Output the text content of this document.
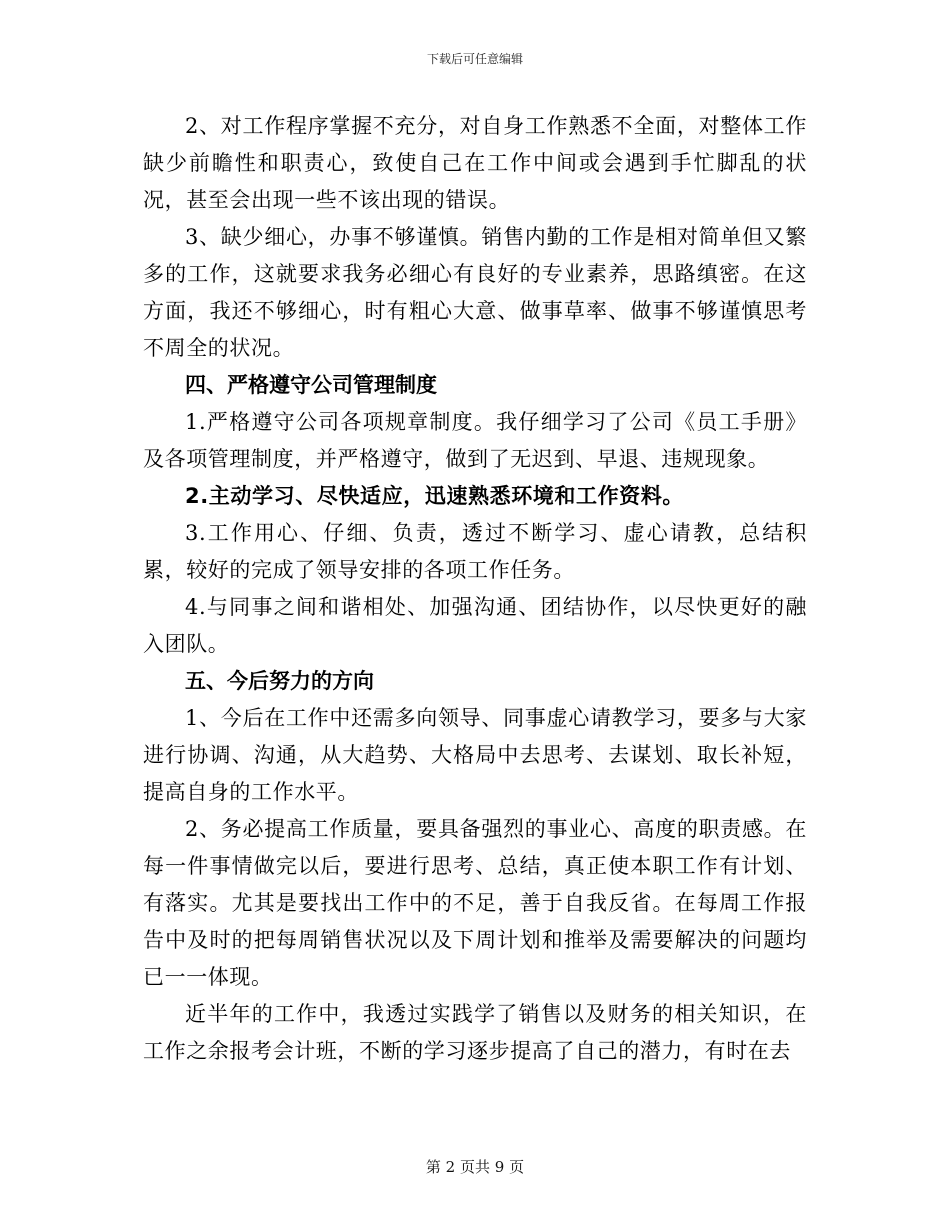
下载后可任意编辑

2、对工作程序掌握不充分，对自身工作熟悉不全面，对整体工作缺少前瞻性和职责心，致使自己在工作中间或会遇到手忙脚乱的状况，甚至会出现一些不该出现的错误。

3、缺少细心，办事不够谨慎。销售内勤的工作是相对简单但又繁多的工作，这就要求我务必细心有良好的专业素养，思路缜密。在这方面，我还不够细心，时有粗心大意、做事草率、做事不够谨慎思考不周全的状况。

四、严格遵守公司管理制度

1.严格遵守公司各项规章制度。我仔细学习了公司《员工手册》及各项管理制度，并严格遵守，做到了无迟到、早退、违规现象。

2.主动学习、尽快适应，迅速熟悉环境和工作资料。

3.工作用心、仔细、负责，透过不断学习、虚心请教，总结积累，较好的完成了领导安排的各项工作任务。

4.与同事之间和谐相处、加强沟通、团结协作，以尽快更好的融入团队。

五、今后努力的方向

1、今后在工作中还需多向领导、同事虚心请教学习，要多与大家进行协调、沟通，从大趋势、大格局中去思考、去谋划、取长补短，提高自身的工作水平。

2、务必提高工作质量，要具备强烈的事业心、高度的职责感。在每一件事情做完以后，要进行思考、总结，真正使本职工作有计划、有落实。尤其是要找出工作中的不足，善于自我反省。在每周工作报告中及时的把每周销售状况以及下周计划和推举及需要解决的问题均已一一体现。

近半年的工作中，我透过实践学了销售以及财务的相关知识，在工作之余报考会计班，不断的学习逐步提高了自己的潜力，有时在去

第 2 页共 9 页
